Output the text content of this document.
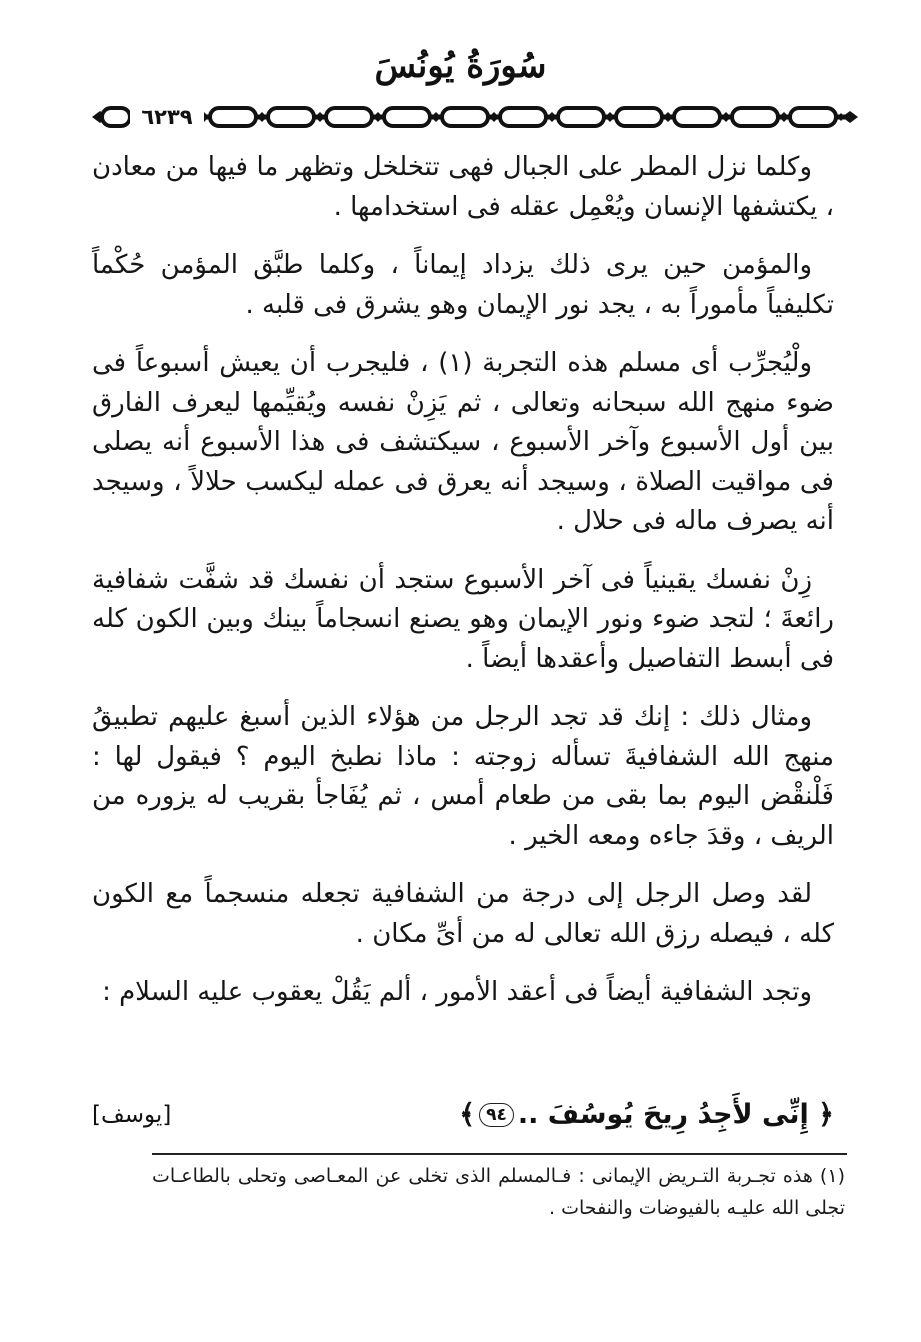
سُورَةُ يُونُسَ
٦٢٣٩

وكلما نزل المطر على الجبال فهى تتخلخل وتظهر ما فيها من معادن ، يكتشفها الإنسان ويُعْمِل عقله فى استخدامها .

والمؤمن حين يرى ذلك يزداد إيماناً ، وكلما طبَّق المؤمن حُكْماً تكليفياً مأموراً به ، يجد نور الإيمان وهو يشرق فى قلبه .

ولْيُجرِّب أى مسلم هذه التجربة (١) ، فليجرب أن يعيش أسبوعاً فى ضوء منهج الله سبحانه وتعالى ، ثم يَزِنْ نفسه ويُقيِّمها ليعرف الفارق بين أول الأسبوع وآخر الأسبوع ، سيكتشف فى هذا الأسبوع أنه يصلى فى مواقيت الصلاة ، وسيجد أنه يعرق فى عمله ليكسب حلالاً ، وسيجد أنه يصرف ماله فى حلال .

زِنْ نفسك يقينياً فى آخر الأسبوع ستجد أن نفسك قد شفَّت شفافية رائعةَ ؛ لتجد ضوء ونور الإيمان وهو يصنع انسجاماً بينك وبين الكون كله فى أبسط التفاصيل وأعقدها أيضاً .

ومثال ذلك : إنك قد تجد الرجل من هؤلاء الذين أسبغ عليهم تطبيقُ منهج الله الشفافيةَ تسأله زوجته : ماذا نطبخ اليوم ؟ فيقول لها : فَلْنقْض اليوم بما بقى من طعام أمس ، ثم يُفَاجأ بقريب له يزوره من الريف ، وقدَ جاءه ومعه الخير .

لقد وصل الرجل إلى درجة من الشفافية تجعله منسجماً مع الكون كله ، فيصله رزق الله تعالى له من أىِّ مكان .

وتجد الشفافية أيضاً فى أعقد الأمور ، ألم يَقُلْ يعقوب عليه السلام :

﴿ إِنِّى لأَجِدُ رِيحَ يُوسُفَ ..٩٤﴾
[يوسف]

(١) هذه تجـربة التـريض الإيمانى : فـالمسلم الذى تخلى عن المعـاصى وتحلى بالطاعـات تجلى الله عليـه بالفيوضات والنفحات .
